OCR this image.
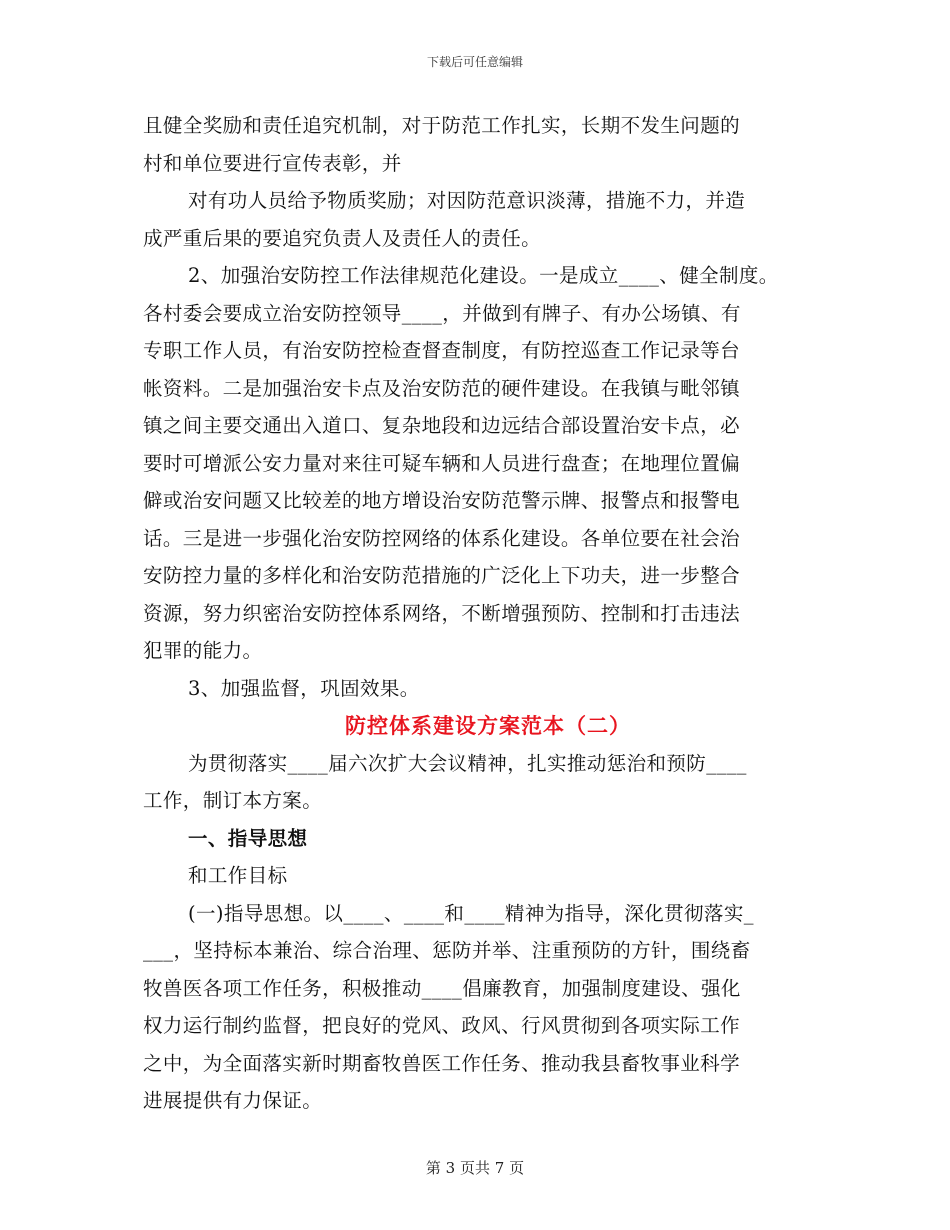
下载后可任意编辑
且健全奖励和责任追究机制，对于防范工作扎实，长期不发生问题的
村和单位要进行宣传表彰，并
对有功人员给予物质奖励；对因防范意识淡薄，措施不力，并造
成严重后果的要追究负责人及责任人的责任。
2、加强治安防控工作法律规范化建设。一是成立____、健全制度。
各村委会要成立治安防控领导____，并做到有牌子、有办公场镇、有
专职工作人员，有治安防控检查督查制度，有防控巡查工作记录等台
帐资料。二是加强治安卡点及治安防范的硬件建设。在我镇与毗邻镇
镇之间主要交通出入道口、复杂地段和边远结合部设置治安卡点，必
要时可增派公安力量对来往可疑车辆和人员进行盘查；在地理位置偏
僻或治安问题又比较差的地方增设治安防范警示牌、报警点和报警电
话。三是进一步强化治安防控网络的体系化建设。各单位要在社会治
安防控力量的多样化和治安防范措施的广泛化上下功夫，进一步整合
资源，努力织密治安防控体系网络，不断增强预防、控制和打击违法
犯罪的能力。
3、加强监督，巩固效果。
防控体系建设方案范本（二）
为贯彻落实____届六次扩大会议精神，扎实推动惩治和预防____
工作，制订本方案。
一、指导思想
和工作目标
(一)指导思想。以____、____和____精神为指导，深化贯彻落实_
___，坚持标本兼治、综合治理、惩防并举、注重预防的方针，围绕畜
牧兽医各项工作任务，积极推动____倡廉教育，加强制度建设、强化
权力运行制约监督，把良好的党风、政风、行风贯彻到各项实际工作
之中，为全面落实新时期畜牧兽医工作任务、推动我县畜牧事业科学
进展提供有力保证。
第 3 页共 7 页
